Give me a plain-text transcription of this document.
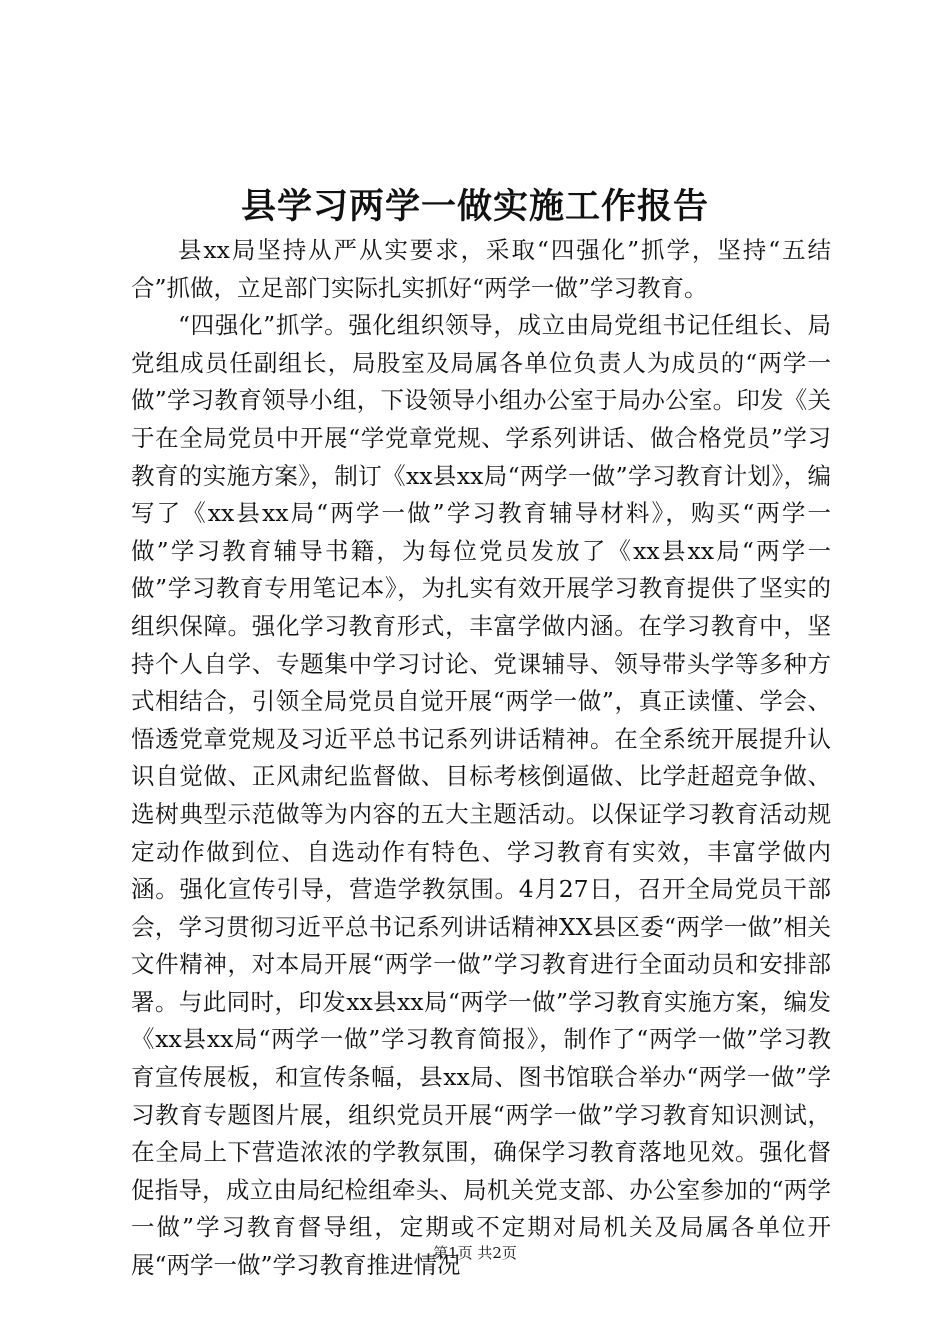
县学习两学一做实施工作报告

县xx局坚持从严从实要求，采取“四强化”抓学，坚持“五结合”抓做，立足部门实际扎实抓好“两学一做”学习教育。

“四强化”抓学。强化组织领导，成立由局党组书记任组长、局党组成员任副组长，局股室及局属各单位负责人为成员的“两学一做”学习教育领导小组，下设领导小组办公室于局办公室。印发《关于在全局党员中开展“学党章党规、学系列讲话、做合格党员”学习教育的实施方案》，制订《xx县xx局“两学一做”学习教育计划》，编写了《xx县xx局“两学一做”学习教育辅导材料》，购买“两学一做”学习教育辅导书籍，为每位党员发放了《xx县xx局“两学一做”学习教育专用笔记本》，为扎实有效开展学习教育提供了坚实的组织保障。强化学习教育形式，丰富学做内涵。在学习教育中，坚持个人自学、专题集中学习讨论、党课辅导、领导带头学等多种方式相结合，引领全局党员自觉开展“两学一做”，真正读懂、学会、悟透党章党规及习近平总书记系列讲话精神。在全系统开展提升认识自觉做、正风肃纪监督做、目标考核倒逼做、比学赶超竞争做、选树典型示范做等为内容的五大主题活动。以保证学习教育活动规定动作做到位、自选动作有特色、学习教育有实效，丰富学做内涵。强化宣传引导，营造学教氛围。4月27日，召开全局党员干部会，学习贯彻习近平总书记系列讲话精神XX县区委“两学一做”相关文件精神，对本局开展“两学一做”学习教育进行全面动员和安排部署。与此同时，印发xx县xx局“两学一做”学习教育实施方案，编发《xx县xx局“两学一做”学习教育简报》，制作了“两学一做”学习教育宣传展板，和宣传条幅，县xx局、图书馆联合举办“两学一做”学习教育专题图片展，组织党员开展“两学一做”学习教育知识测试，在全局上下营造浓浓的学教氛围，确保学习教育落地见效。强化督促指导，成立由局纪检组牵头、局机关党支部、办公室参加的“两学一做”学习教育督导组，定期或不定期对局机关及局属各单位开展“两学一做”学习教育推进情况

第1页 共2页
